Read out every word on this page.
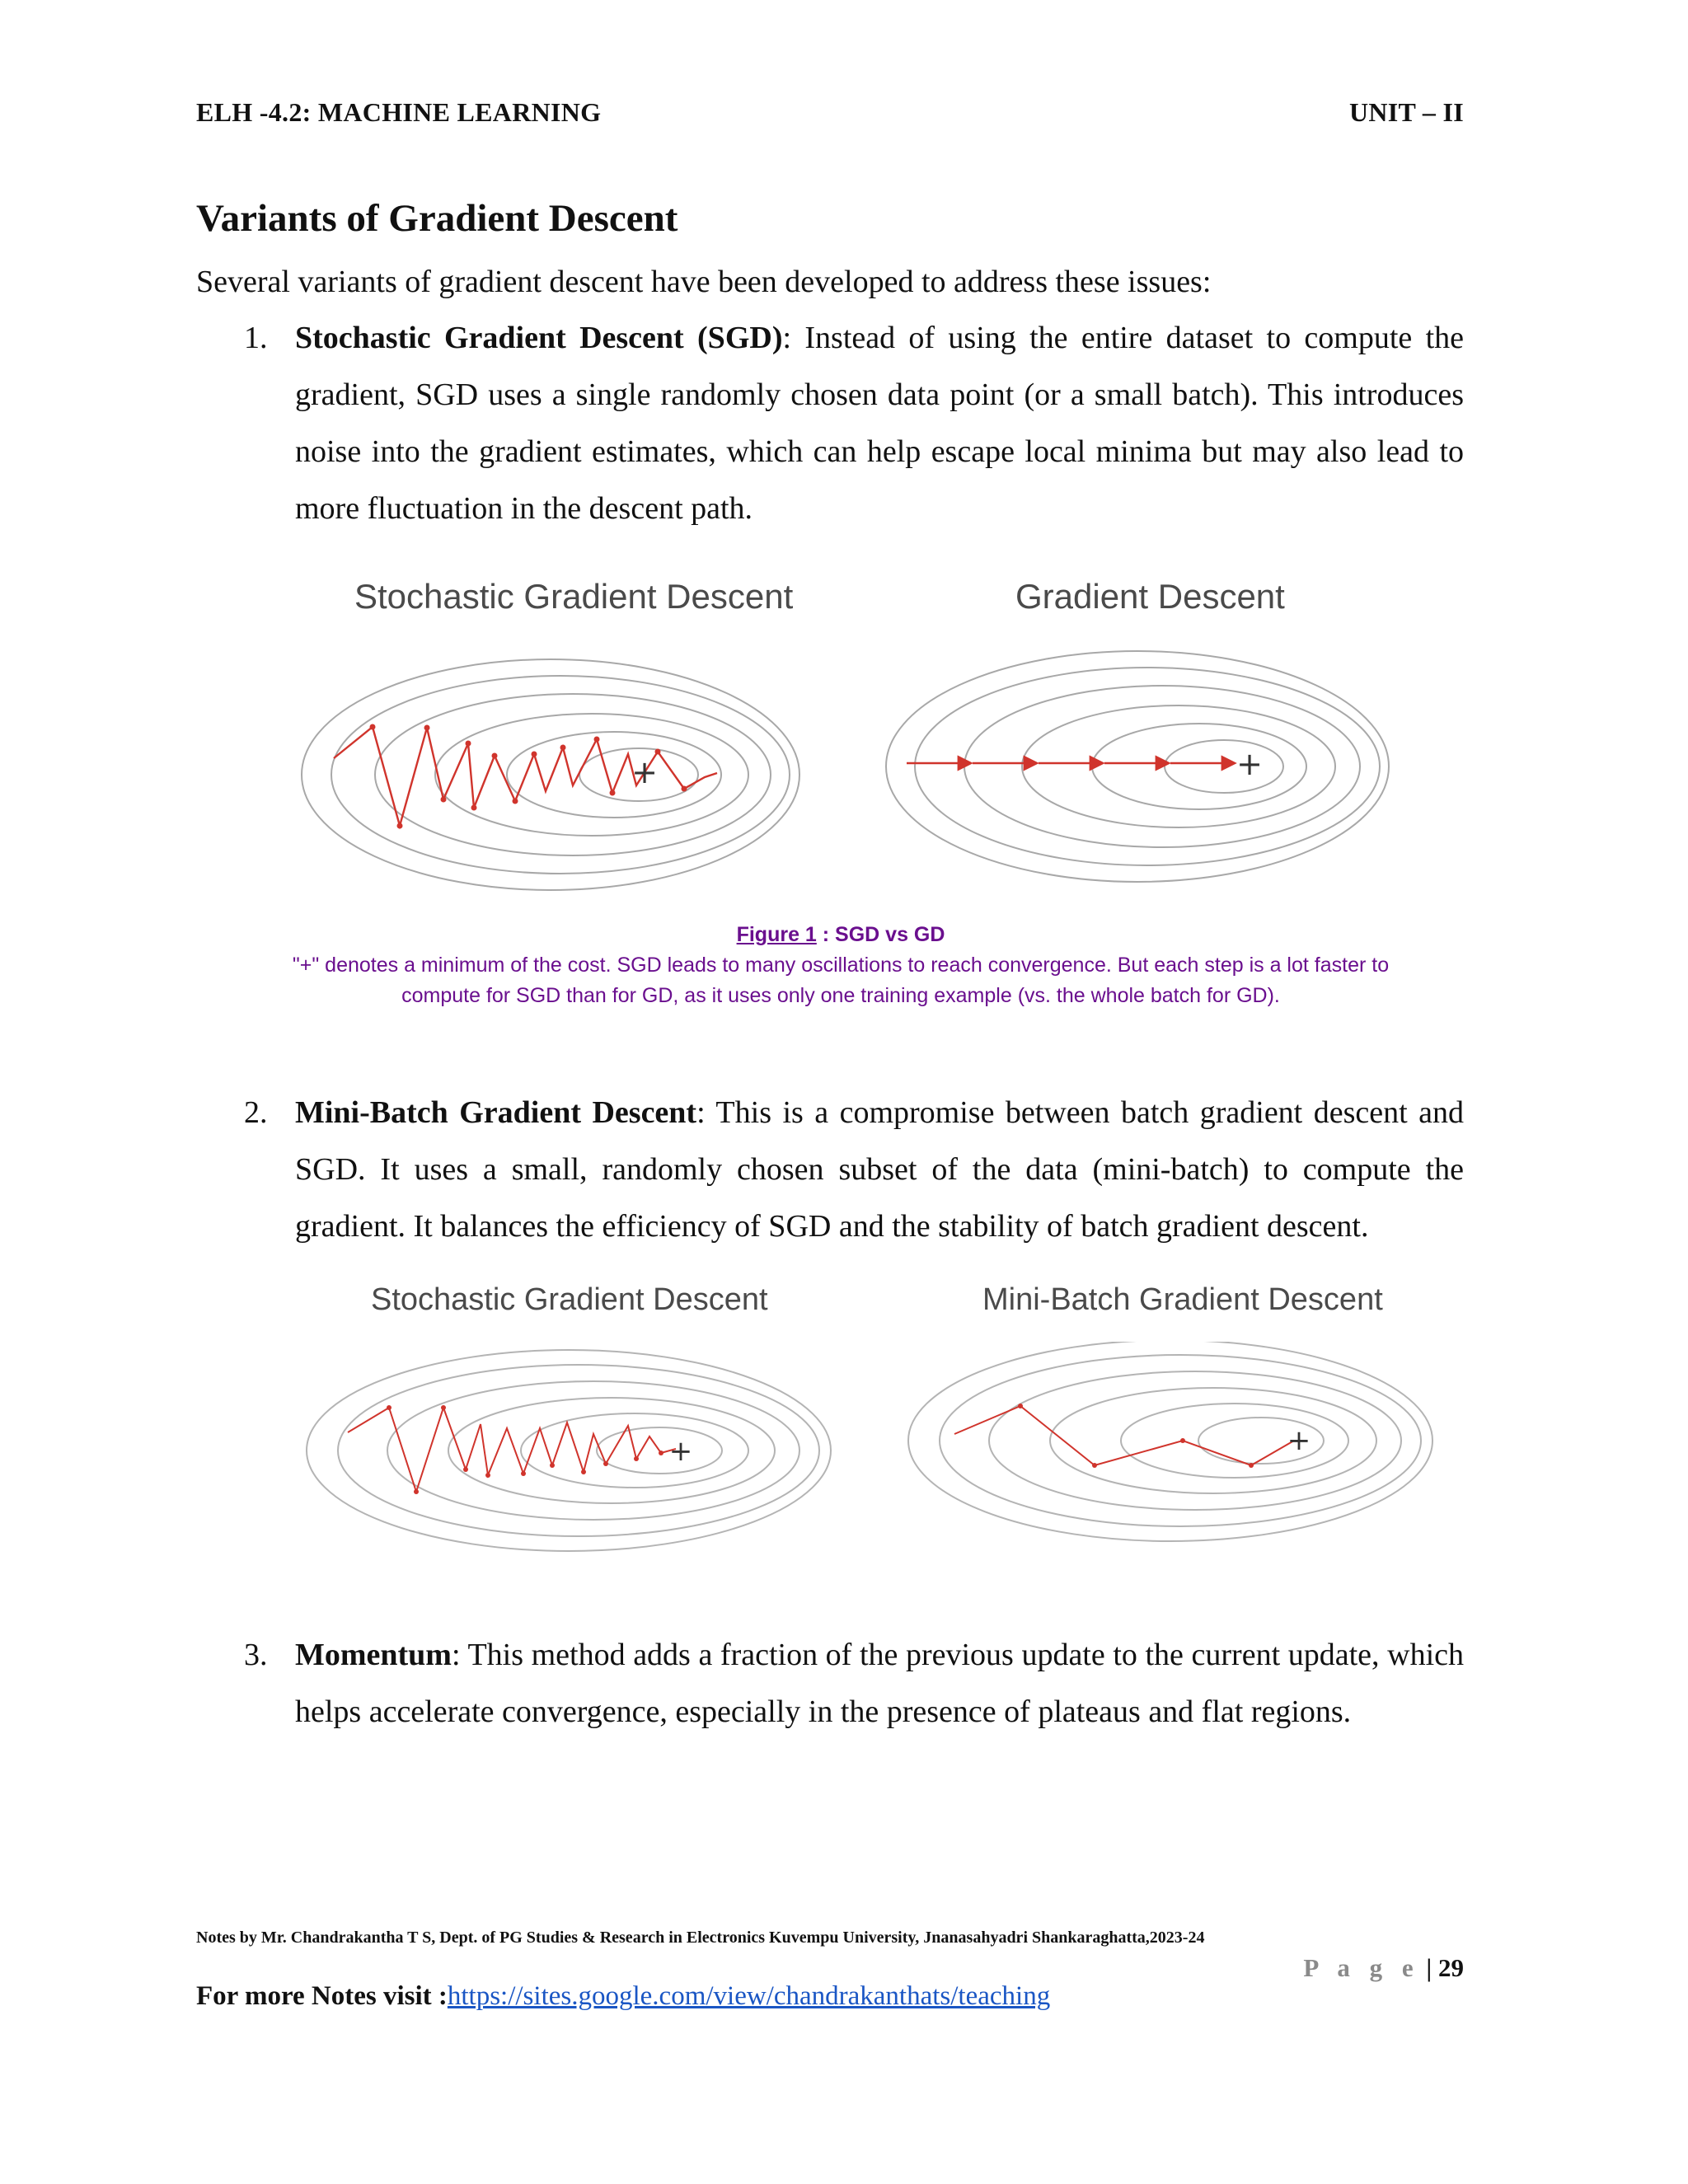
ELH -4.2: MACHINE LEARNING	UNIT – II
Variants of Gradient Descent
Several variants of gradient descent have been developed to address these issues:
1. Stochastic Gradient Descent (SGD): Instead of using the entire dataset to compute the gradient, SGD uses a single randomly chosen data point (or a small batch). This introduces noise into the gradient estimates, which can help escape local minima but may also lead to more fluctuation in the descent path.
Stochastic Gradient Descent	Gradient Descent
+	+
Figure 1 : SGD vs GD
"+" denotes a minimum of the cost. SGD leads to many oscillations to reach convergence. But each step is a lot faster to
compute for SGD than for GD, as it uses only one training example (vs. the whole batch for GD).
2. Mini-Batch Gradient Descent: This is a compromise between batch gradient descent and SGD. It uses a small, randomly chosen subset of the data (mini-batch) to compute the gradient. It balances the efficiency of SGD and the stability of batch gradient descent.
Stochastic Gradient Descent	Mini-Batch Gradient Descent
+	+
3. Momentum: This method adds a fraction of the previous update to the current update, which helps accelerate convergence, especially in the presence of plateaus and flat regions.
Notes by Mr. Chandrakantha T S, Dept. of PG Studies & Research in Electronics Kuvempu University, Jnanasahyadri Shankaraghatta,2023-24
P a g e | 29
For more Notes visit :https://sites.google.com/view/chandrakanthats/teaching
